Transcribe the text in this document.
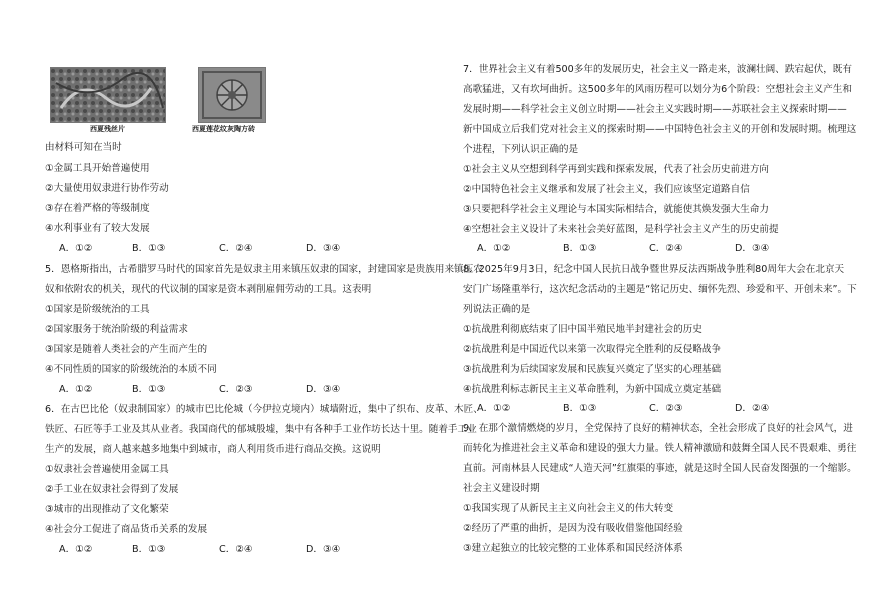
西夏残丝片	西夏莲花纹灰陶方砖
由材料可知在当时
①金属工具开始普遍使用
②大量使用奴隶进行协作劳动
③存在着严格的等级制度
④水利事业有了较大发展
A．①②	B．①③	C．②④	D．③④
5．恩格斯指出，古希腊罗马时代的国家首先是奴隶主用来镇压奴隶的国家，封建国家是贵族用来镇压农
奴和依附农的机关，现代的代议制的国家是资本剥削雇佣劳动的工具。这表明
①国家是阶级统治的工具
②国家服务于统治阶级的利益需求
③国家是随着人类社会的产生而产生的
④不同性质的国家的阶级统治的本质不同
A．①②	B．①③	C．②③	D．③④
6．在古巴比伦（奴隶制国家）的城市巴比伦城（今伊拉克境内）城墙附近，集中了织布、皮革、木匠、
铁匠、石匠等手工业及其从业者。我国商代的郁城殷墟，集中有各种手工业作坊长达十里。随着手工业
生产的发展，商人越来越多地集中到城市，商人利用货币进行商品交换。这说明
①奴隶社会普遍使用金属工具
②手工业在奴隶社会得到了发展
③城市的出现推动了文化繁荣
④社会分工促进了商品货币关系的发展
A．①②	B．①③	C．②④	D．③④
7．世界社会主义有着500多年的发展历史，社会主义一路走来，波澜壮阔、跌宕起伏，既有
高歌猛进，又有坎坷曲折。这500多年的风雨历程可以划分为6个阶段：空想社会主义产生和
发展时期——科学社会主义创立时期——社会主义实践时期——苏联社会主义探索时期——
新中国成立后我们党对社会主义的探索时期——中国特色社会主义的开创和发展时期。梳理这
个进程，下列认识正确的是
①社会主义从空想到科学再到实践和探索发展，代表了社会历史前进方向
②中国特色社会主义继承和发展了社会主义，我们应该坚定道路自信
③只要把科学社会主义理论与本国实际相结合，就能使其焕发强大生命力
④空想社会主义设计了未来社会美好蓝图，是科学社会主义产生的历史前提
A．①②	B．①③	C．②④	D．③④
8．2025年9月3日，纪念中国人民抗日战争暨世界反法西斯战争胜利80周年大会在北京天
安门广场隆重举行，这次纪念活动的主题是“铭记历史、缅怀先烈、珍爱和平、开创未来”。下
列说法正确的是
①抗战胜利彻底结束了旧中国半殖民地半封建社会的历史
②抗战胜利是中国近代以来第一次取得完全胜利的反侵略战争
③抗战胜利为后续国家发展和民族复兴奠定了坚实的心理基础
④抗战胜利标志新民主主义革命胜利，为新中国成立奠定基础
A．①②	B．①③	C．②③	D．②④
9．在那个激情燃烧的岁月，全党保持了良好的精神状态，全社会形成了良好的社会风气，进
而转化为推进社会主义革命和建设的强大力量。铁人精神激励和鼓舞全国人民不畏艰难、勇往
直前。河南林县人民建成“人造天河”红旗渠的事迹，就是这时全国人民奋发图强的一个缩影。
社会主义建设时期
①我国实现了从新民主主义向社会主义的伟大转变
②经历了严重的曲折，是因为没有吸收借鉴他国经验
③建立起独立的比较完整的工业体系和国民经济体系
